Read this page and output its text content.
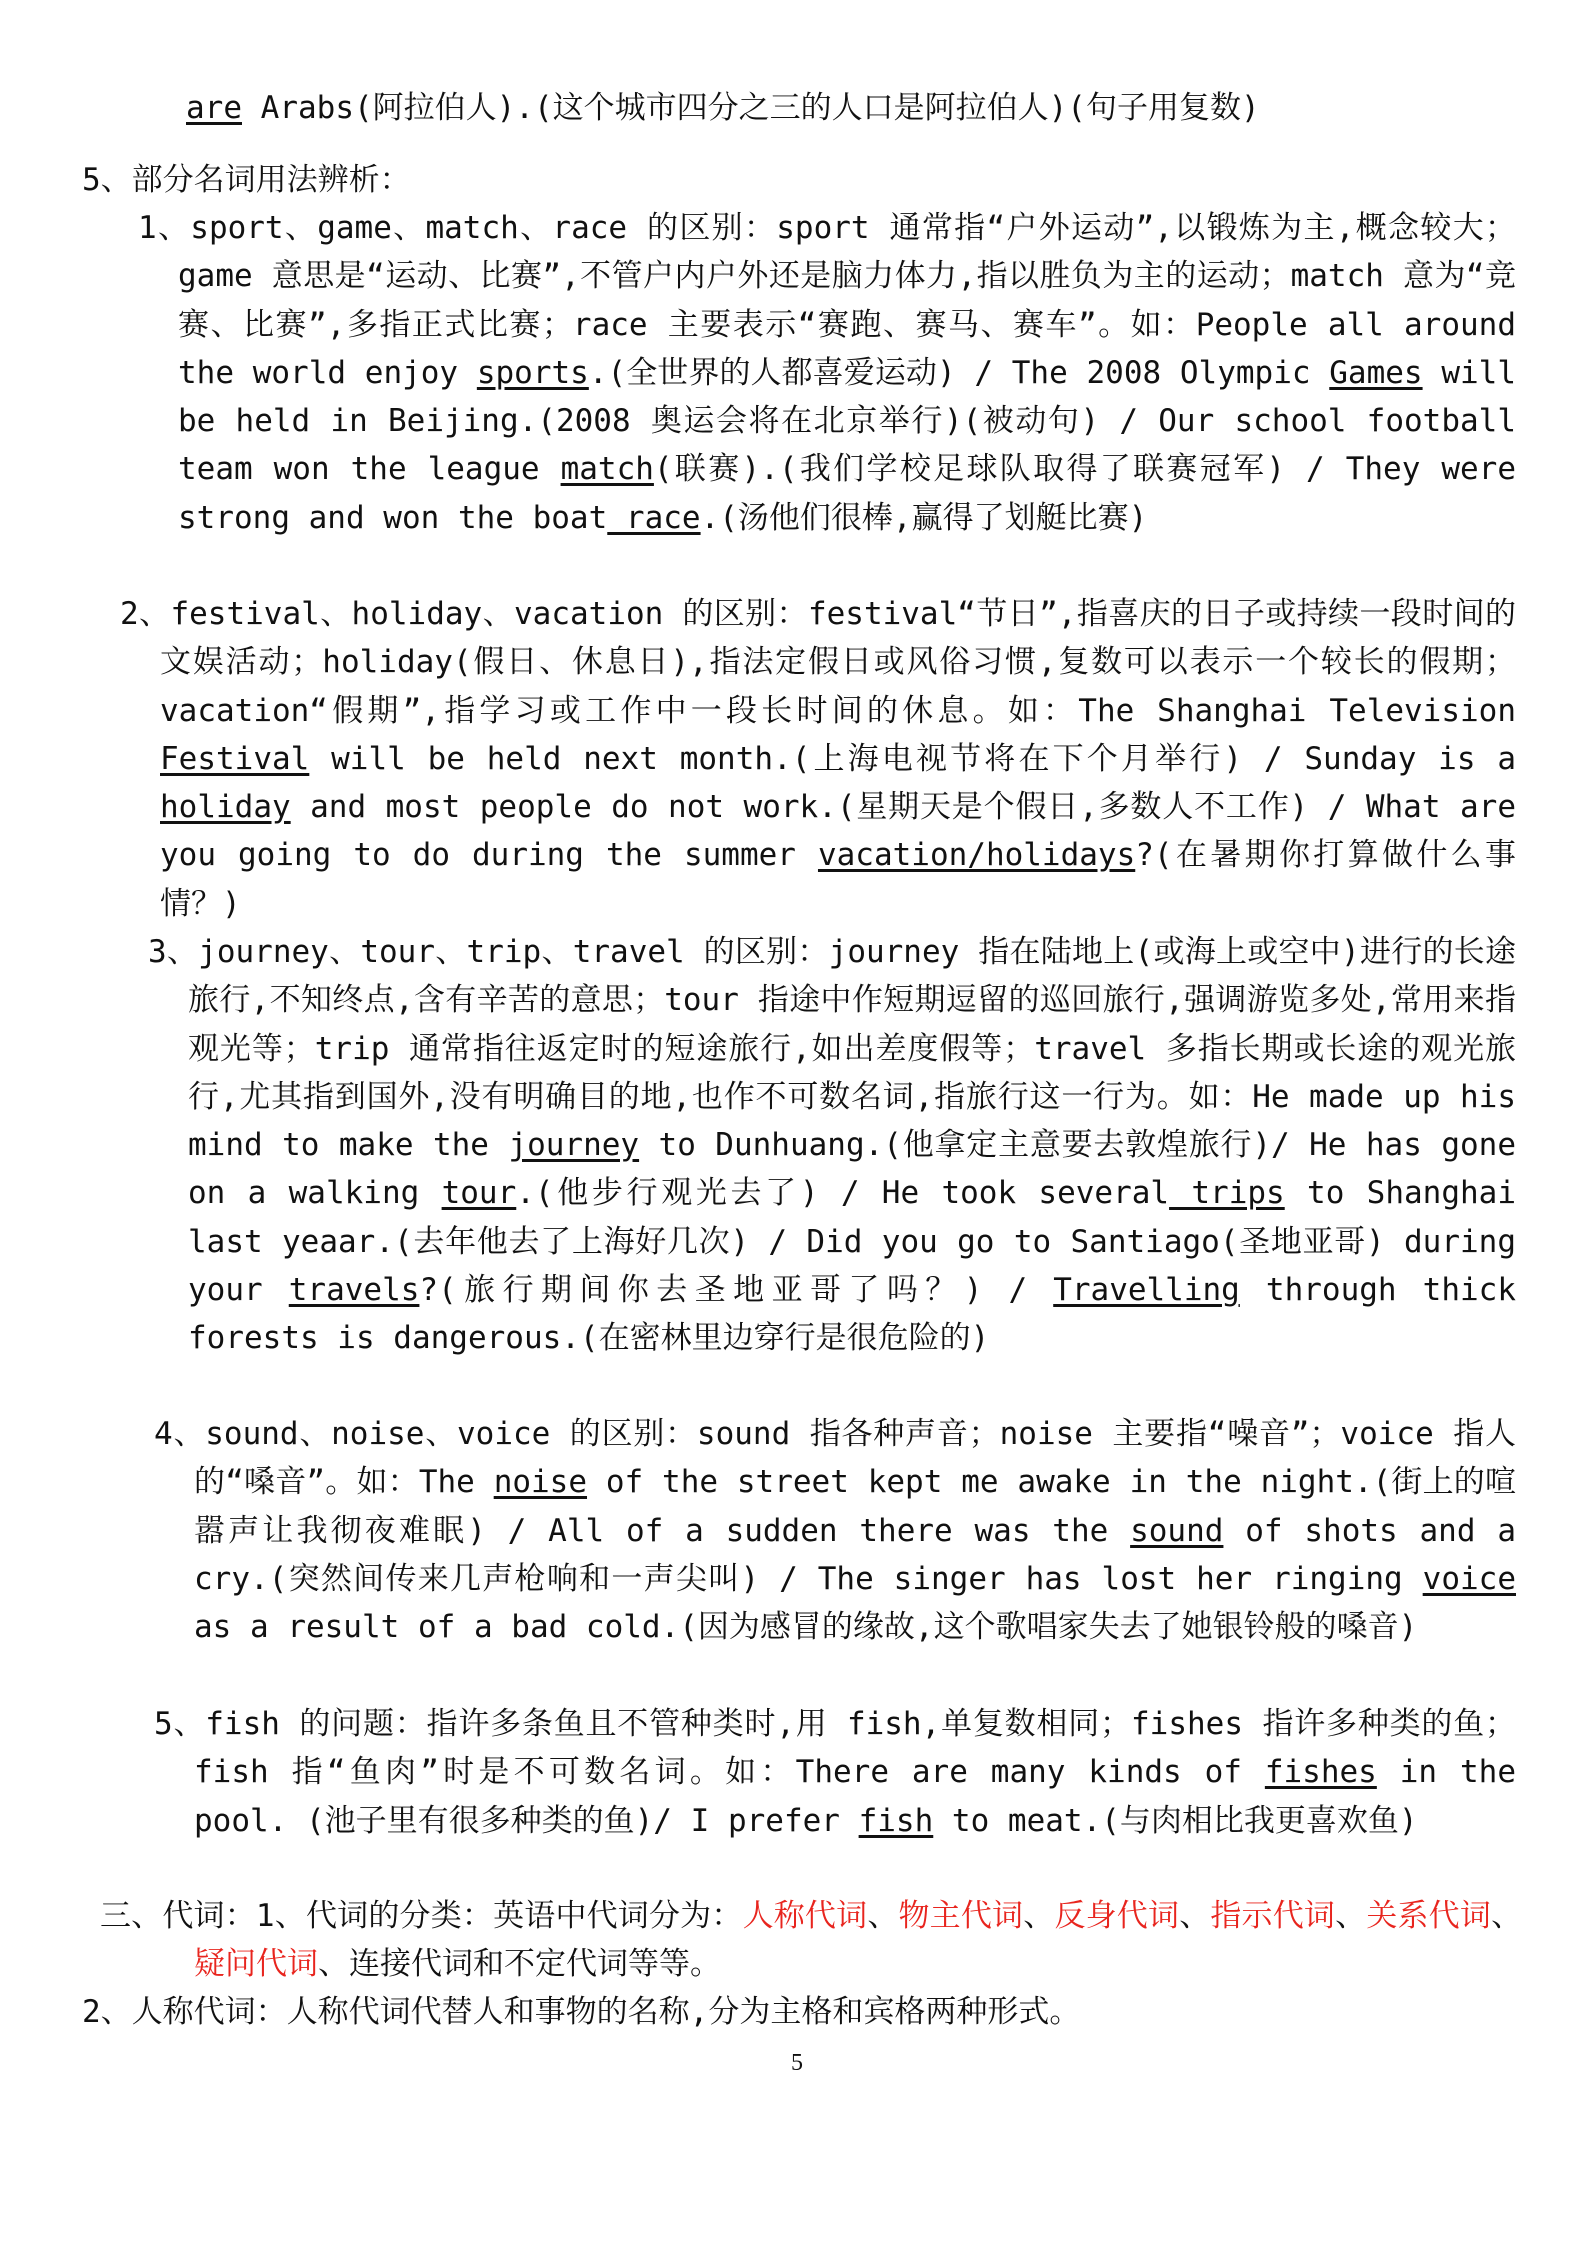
are Arabs(阿拉伯人).(这个城市四分之三的人口是阿拉伯人)(句子用复数)
5、部分名词用法辨析：
1、sport、game、match、race 的区别：sport 通常指“户外运动”,以锻炼为主,概念较大；game 意思是“运动、比赛”,不管户内户外还是脑力体力,指以胜负为主的运动；match 意为“竞赛、比赛”,多指正式比赛；race 主要表示“赛跑、赛马、赛车”。如：People all around the world enjoy sports.(全世界的人都喜爱运动) / The 2008 Olympic Games will be held in Beijing.(2008 奥运会将在北京举行)(被动句) / Our school football team won the league match(联赛).(我们学校足球队取得了联赛冠军) / They were strong and won the boat race.(汤他们很棒,赢得了划艇比赛)
2、festival、holiday、vacation 的区别：festival“节日”,指喜庆的日子或持续一段时间的文娱活动；holiday(假日、休息日),指法定假日或风俗习惯,复数可以表示一个较长的假期；vacation“假期”,指学习或工作中一段长时间的休息。如：The Shanghai Television Festival will be held next month.(上海电视节将在下个月举行) / Sunday is a holiday and most people do not work.(星期天是个假日,多数人不工作) / What are you going to do during the summer vacation/holidays?(在暑期你打算做什么事情？)
3、journey、tour、trip、travel 的区别：journey 指在陆地上(或海上或空中)进行的长途旅行,不知终点,含有辛苦的意思；tour 指途中作短期逗留的巡回旅行,强调游览多处,常用来指观光等；trip 通常指往返定时的短途旅行,如出差度假等；travel 多指长期或长途的观光旅行,尤其指到国外,没有明确目的地,也作不可数名词,指旅行这一行为。如：He made up his mind to make the journey to Dunhuang.(他拿定主意要去敦煌旅行)/ He has gone on a walking tour.(他步行观光去了) / He took several trips to Shanghai last yeaar.(去年他去了上海好几次) / Did you go to Santiago(圣地亚哥) during your travels?(旅行期间你去圣地亚哥了吗？) / Travelling through thick forests is dangerous.(在密林里边穿行是很危险的)
4、sound、noise、voice 的区别：sound 指各种声音；noise 主要指“噪音”；voice 指人的“嗓音”。如：The noise of the street kept me awake in the night.(街上的喧嚣声让我彻夜难眠) / All of a sudden there was the sound of shots and a cry.(突然间传来几声枪响和一声尖叫) / The singer has lost her ringing voice as a result of a bad cold.(因为感冒的缘故,这个歌唱家失去了她银铃般的嗓音)
5、fish 的问题：指许多条鱼且不管种类时,用 fish,单复数相同；fishes 指许多种类的鱼；fish 指“鱼肉”时是不可数名词。如：There are many kinds of fishes in the pool. (池子里有很多种类的鱼)/ I prefer fish to meat.(与肉相比我更喜欢鱼)
三、代词：1、代词的分类：英语中代词分为：人称代词、物主代词、反身代词、指示代词、关系代词、疑问代词、连接代词和不定代词等等。
2、人称代词：人称代词代替人和事物的名称,分为主格和宾格两种形式。
5
